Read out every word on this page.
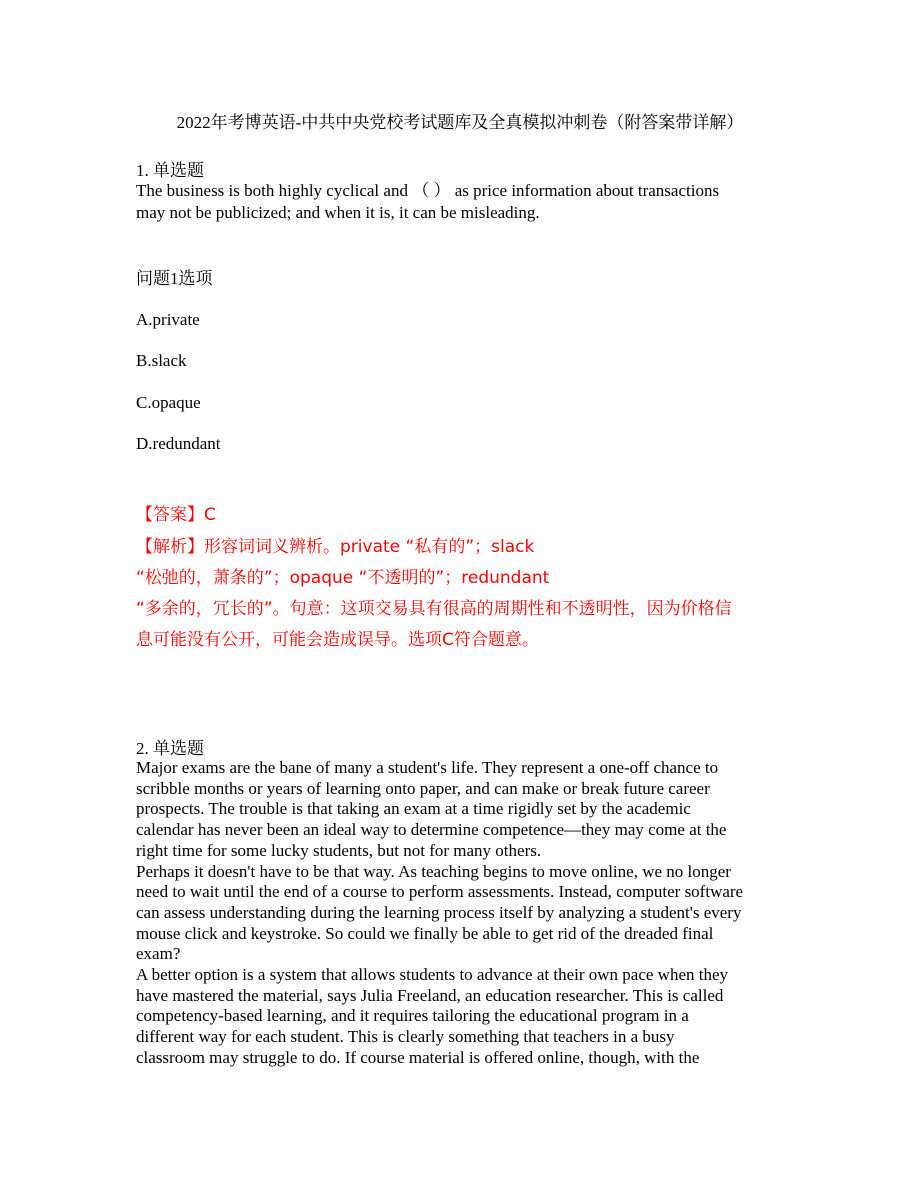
2022年考博英语-中共中央党校考试题库及全真模拟冲刺卷（附答案带详解）
1. 单选题
The business is both highly cyclical and （ ） as price information about transactions
may not be publicized; and when it is, it can be misleading.
问题1选项
A.private
B.slack
C.opaque
D.redundant
【答案】C
【解析】形容词词义辨析。private “私有的”；slack
“松弛的，萧条的”；opaque “不透明的”；redundant
“多余的，冗长的”。句意：这项交易具有很高的周期性和不透明性，因为价格信
息可能没有公开，可能会造成误导。选项C符合题意。
2. 单选题

Major exams are the bane of many a student's life. They represent a one-off chance to

scribble months or years of learning onto paper, and can make or break future career

prospects. The trouble is that taking an exam at a time rigidly set by the academic

calendar has never been an ideal way to determine competence—they may come at the

right time for some lucky students, but not for many others.

Perhaps it doesn't have to be that way. As teaching begins to move online, we no longer

need to wait until the end of a course to perform assessments. Instead, computer software

can assess understanding during the learning process itself by analyzing a student's every

mouse click and keystroke. So could we finally be able to get rid of the dreaded final

exam?

A better option is a system that allows students to advance at their own pace when they

have mastered the material, says Julia Freeland, an education researcher. This is called

competency-based learning, and it requires tailoring the educational program in a

different way for each student. This is clearly something that teachers in a busy

classroom may struggle to do. If course material is offered online, though, with the
